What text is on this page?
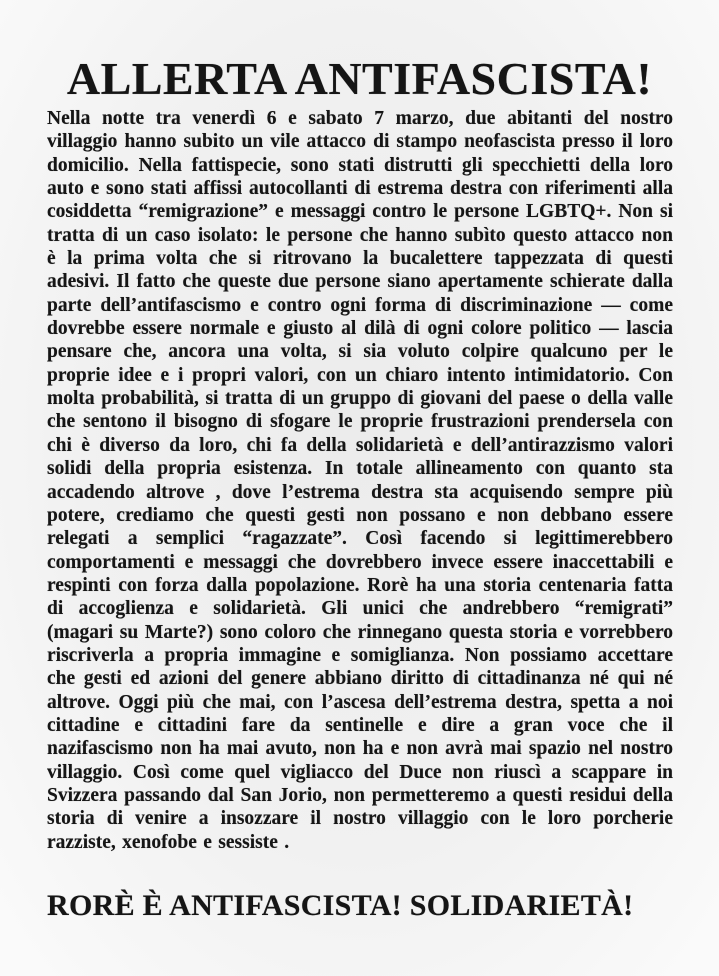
ALLERTA ANTIFASCISTA!

Nella notte tra venerdì 6 e sabato 7 marzo, due abitanti del nostro villaggio hanno subito un vile attacco di stampo neofascista presso il loro domicilio. Nella fattispecie, sono stati distrutti gli specchietti della loro auto e sono stati affissi autocollanti di estrema destra con riferimenti alla cosiddetta “remigrazione” e messaggi contro le persone LGBTQ+. Non si tratta di un caso isolato: le persone che hanno subìto questo attacco non è la prima volta che si ritrovano la bucalettere tappezzata di questi adesivi. Il fatto che queste due persone siano apertamente schierate dalla parte dell’antifascismo e contro ogni forma di discriminazione — come dovrebbe essere normale e giusto al dilà di ogni colore politico — lascia pensare che, ancora una volta, si sia voluto colpire qualcuno per le proprie idee e i propri valori, con un chiaro intento intimidatorio. Con molta probabilità, si tratta di un gruppo di giovani del paese o della valle che sentono il bisogno di sfogare le proprie frustrazioni prendersela con chi è diverso da loro, chi fa della solidarietà e dell’antirazzismo valori solidi della propria esistenza. In totale allineamento con quanto sta accadendo altrove , dove l’estrema destra sta acquisendo sempre più potere, crediamo che questi gesti non possano e non debbano essere relegati a semplici “ragazzate”. Così facendo si legittimerebbero comportamenti e messaggi che dovrebbero invece essere inaccettabili e respinti con forza dalla popolazione. Rorè ha una storia centenaria fatta di accoglienza e solidarietà. Gli unici che andrebbero “remigrati” (magari su Marte?) sono coloro che rinnegano questa storia e vorrebbero riscriverla a propria immagine e somiglianza. Non possiamo accettare che gesti ed azioni del genere abbiano diritto di cittadinanza né qui né altrove. Oggi più che mai, con l’ascesa dell’estrema destra, spetta a noi cittadine e cittadini fare da sentinelle e dire a gran voce che il nazifascismo non ha mai avuto, non ha e non avrà mai spazio nel nostro villaggio. Così come quel vigliacco del Duce non riuscì a scappare in Svizzera passando dal San Jorio, non permetteremo a questi residui della storia di venire a insozzare il nostro villaggio con le loro porcherie razziste, xenofobe e sessiste .

RORÈ È ANTIFASCISTA! SOLIDARIETÀ!
